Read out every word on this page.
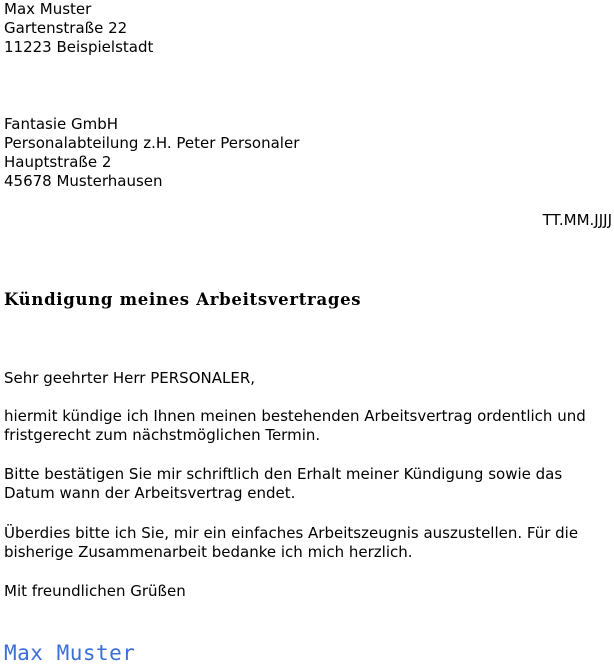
Max Muster
Gartenstraße 22
11223 Beispielstadt
Fantasie GmbH
Personalabteilung z.H. Peter Personaler
Hauptstraße 2
45678 Musterhausen
TT.MM.JJJJ
Kündigung meines Arbeitsvertrages
Sehr geehrter Herr PERSONALER,
hiermit kündige ich Ihnen meinen bestehenden Arbeitsvertrag ordentlich und
fristgerecht zum nächstmöglichen Termin.
Bitte bestätigen Sie mir schriftlich den Erhalt meiner Kündigung sowie das
Datum wann der Arbeitsvertrag endet.
Überdies bitte ich Sie, mir ein einfaches Arbeitszeugnis auszustellen. Für die
bisherige Zusammenarbeit bedanke ich mich herzlich.
Mit freundlichen Grüßen
Max Muster
